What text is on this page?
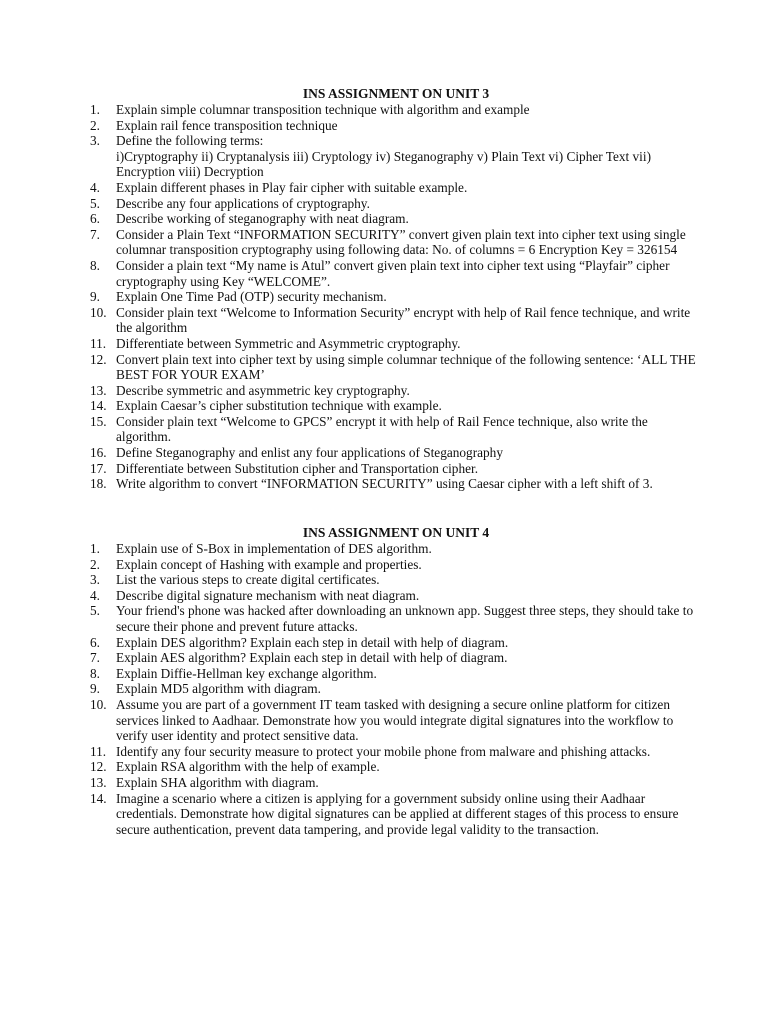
INS ASSIGNMENT ON UNIT 3
1. Explain simple columnar transposition technique with algorithm and example
2. Explain rail fence transposition technique
3. Define the following terms:
i)Cryptography ii) Cryptanalysis iii) Cryptology iv) Steganography v) Plain Text vi) Cipher Text vii) Encryption viii) Decryption
4. Explain different phases in Play fair cipher with suitable example.
5. Describe any four applications of cryptography.
6. Describe working of steganography with neat diagram.
7. Consider a Plain Text “INFORMATION SECURITY” convert given plain text into cipher text using single columnar transposition cryptography using following data: No. of columns = 6 Encryption Key = 326154
8. Consider a plain text “My name is Atul” convert given plain text into cipher text using “Playfair” cipher cryptography using Key “WELCOME”.
9. Explain One Time Pad (OTP) security mechanism.
10. Consider plain text “Welcome to Information Security” encrypt with help of Rail fence technique, and write the algorithm
11. Differentiate between Symmetric and Asymmetric cryptography.
12. Convert plain text into cipher text by using simple columnar technique of the following sentence: ‘ALL THE BEST FOR YOUR EXAM’
13. Describe symmetric and asymmetric key cryptography.
14. Explain Caesar’s cipher substitution technique with example.
15. Consider plain text “Welcome to GPCS” encrypt it with help of Rail Fence technique, also write the algorithm.
16. Define Steganography and enlist any four applications of Steganography
17. Differentiate between Substitution cipher and Transportation cipher.
18. Write algorithm to convert “INFORMATION SECURITY” using Caesar cipher with a left shift of 3.
INS ASSIGNMENT ON UNIT 4
1. Explain use of S-Box in implementation of DES algorithm.
2. Explain concept of Hashing with example and properties.
3. List the various steps to create digital certificates.
4. Describe digital signature mechanism with neat diagram.
5. Your friend's phone was hacked after downloading an unknown app. Suggest three steps, they should take to secure their phone and prevent future attacks.
6. Explain DES algorithm? Explain each step in detail with help of diagram.
7. Explain AES algorithm? Explain each step in detail with help of diagram.
8. Explain Diffie-Hellman key exchange algorithm.
9. Explain MD5 algorithm with diagram.
10. Assume you are part of a government IT team tasked with designing a secure online platform for citizen services linked to Aadhaar. Demonstrate how you would integrate digital signatures into the workflow to verify user identity and protect sensitive data.
11. Identify any four security measure to protect your mobile phone from malware and phishing attacks.
12. Explain RSA algorithm with the help of example.
13. Explain SHA algorithm with diagram.
14. Imagine a scenario where a citizen is applying for a government subsidy online using their Aadhaar credentials. Demonstrate how digital signatures can be applied at different stages of this process to ensure secure authentication, prevent data tampering, and provide legal validity to the transaction.
